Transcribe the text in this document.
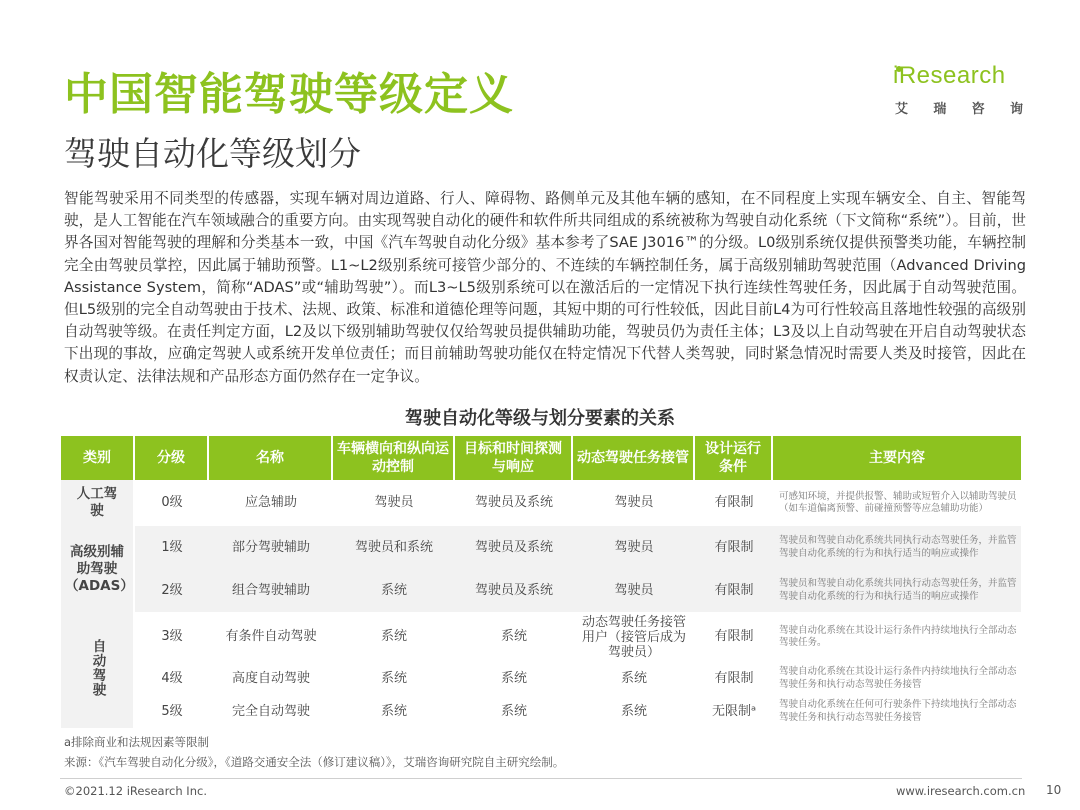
中国智能驾驶等级定义
驾驶自动化等级划分
iResearch
艾 瑞 咨 询

智能驾驶采用不同类型的传感器，实现车辆对周边道路、行人、障碍物、路侧单元及其他车辆的感知，在不同程度上实现车辆安全、自主、智能驾驶，是人工智能在汽车领域融合的重要方向。由实现驾驶自动化的硬件和软件所共同组成的系统被称为驾驶自动化系统（下文简称“系统”）。目前，世界各国对智能驾驶的理解和分类基本一致，中国《汽车驾驶自动化分级》基本参考了SAE J3016™的分级。L0级别系统仅提供预警类功能，车辆控制完全由驾驶员掌控，因此属于辅助预警。L1~L2级别系统可接管少部分的、不连续的车辆控制任务，属于高级别辅助驾驶范围（Advanced Driving Assistance System，简称“ADAS”或“辅助驾驶”）。而L3~L5级别系统可以在激活后的一定情况下执行连续性驾驶任务，因此属于自动驾驶范围。但L5级别的完全自动驾驶由于技术、法规、政策、标准和道德伦理等问题，其短中期的可行性较低，因此目前L4为可行性较高且落地性较强的高级别自动驾驶等级。在责任判定方面，L2及以下级别辅助驾驶仅仅给驾驶员提供辅助功能，驾驶员仍为责任主体；L3及以上自动驾驶在开启自动驾驶状态下出现的事故，应确定驾驶人或系统开发单位责任；而目前辅助驾驶功能仅在特定情况下代替人类驾驶，同时紧急情况时需要人类及时接管，因此在权责认定、法律法规和产品形态方面仍然存在一定争议。

驾驶自动化等级与划分要素的关系
类别	分级	名称	车辆横向和纵向运动控制	目标和时间探测与响应	动态驾驶任务接管	设计运行条件	主要内容
人工驾驶	0级	应急辅助	驾驶员	驾驶员及系统	驾驶员	有限制	可感知环境，并提供报警、辅助或短暂介入以辅助驾驶员（如车道偏离预警、前碰撞预警等应急辅助功能）
高级别辅助驾驶（ADAS）	1级	部分驾驶辅助	驾驶员和系统	驾驶员及系统	驾驶员	有限制	驾驶员和驾驶自动化系统共同执行动态驾驶任务，并监管驾驶自动化系统的行为和执行适当的响应或操作
	2级	组合驾驶辅助	系统	驾驶员及系统	驾驶员	有限制	驾驶员和驾驶自动化系统共同执行动态驾驶任务，并监管驾驶自动化系统的行为和执行适当的响应或操作
自动驾驶	3级	有条件自动驾驶	系统	系统	动态驾驶任务接管用户（接管后成为驾驶员）	有限制	驾驶自动化系统在其设计运行条件内持续地执行全部动态驾驶任务。
	4级	高度自动驾驶	系统	系统	系统	有限制	驾驶自动化系统在其设计运行条件内持续地执行全部动态驾驶任务和执行动态驾驶任务接管
	5级	完全自动驾驶	系统	系统	系统	无限制ᵃ	驾驶自动化系统在任何可行驶条件下持续地执行全部动态驾驶任务和执行动态驾驶任务接管
a排除商业和法规因素等限制
来源：《汽车驾驶自动化分级》，《道路交通安全法（修订建议稿）》，艾瑞咨询研究院自主研究绘制。
©2021.12 iResearch Inc.	www.iresearch.com.cn 10
